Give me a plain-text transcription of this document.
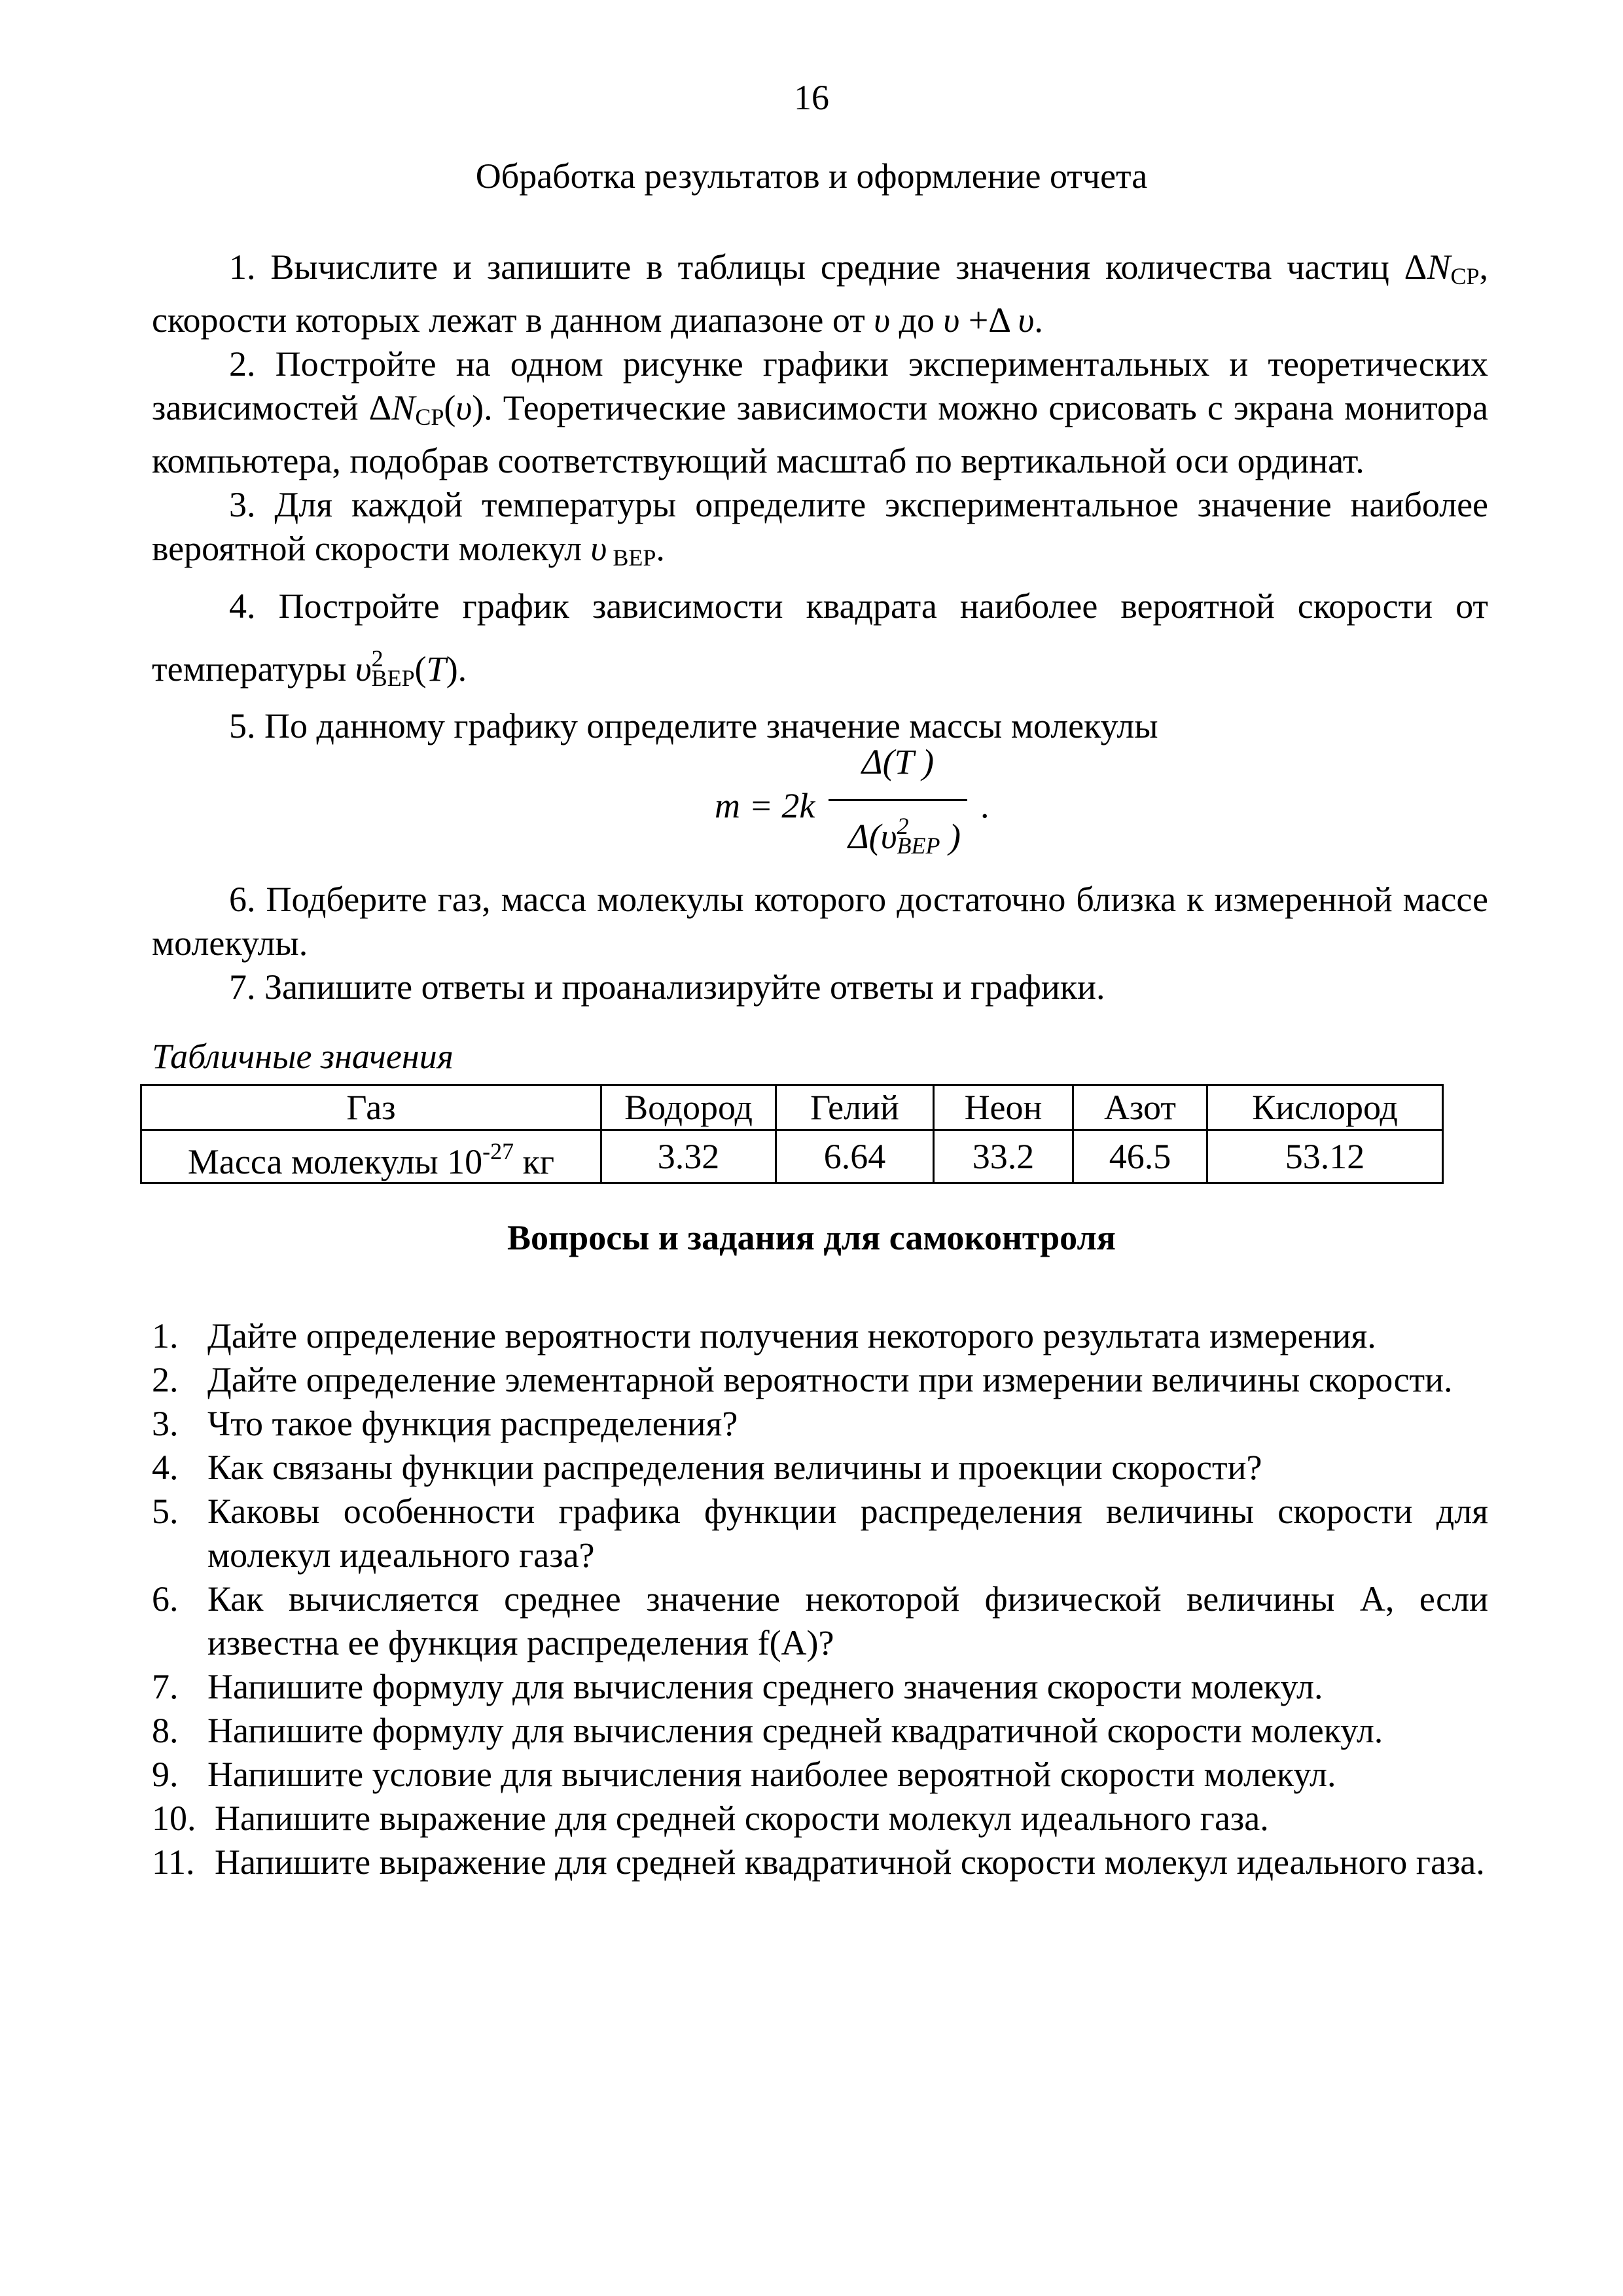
16
Обработка результатов и оформление отчета

1. Вычислите и запишите в таблицы средние значения количества частиц $\Delta N_{СР}$, скорости которых лежат в данном диапазоне от υ до υ +Δ υ.

2. Постройте на одном рисунке графики экспериментальных и теоретических зависимостей $\Delta N_{СР}(\upsilon)$. Теоретические зависимости можно срисовать с экрана монитора компьютера, подобрав соответствующий масштаб по вертикальной оси ординат.

3. Для каждой температуры определите экспериментальное значение наиболее вероятной скорости молекул υ $_{ВЕР}$.

4. Постройте график зависимости квадрата наиболее вероятной скорости от температуры $\upsilon^2_{ВЕР}(T)$.

5. По данному графику определите значение массы молекулы

m = 2k
Δ(T )
$\Delta(\upsilon^2_{ВЕР}$ )
.

6. Подберите газ, масса молекулы которого достаточно близка к измеренной массе молекулы.

7. Запишите ответы и проанализируйте ответы и графики.

Табличные значения
Газ	Водород	Гелий	Неон	Азот	Кислород
Масса молекулы $10^{-27}$ кг	3.32	6.64	33.2	46.5	53.12
Вопросы и задания для самоконтроля
1. Дайте определение вероятности получения некоторого результата измерения.
2. Дайте определение элементарной вероятности при измерении величины скорости.
3. Что такое функция распределения?
4. Как связаны функции распределения величины и проекции скорости?
5. Каковы особенности графика функции распределения величины скорости для молекул идеального газа?
6. Как вычисляется среднее значение некоторой физической величины A, если известна ее функция распределения f(A)?
7. Напишите формулу для вычисления среднего значения скорости молекул.
8. Напишите формулу для вычисления средней квадратичной скорости молекул.
9. Напишите условие для вычисления наиболее вероятной скорости молекул.
10. Напишите выражение для средней скорости молекул идеального газа.
11. Напишите выражение для средней квадратичной скорости молекул идеального газа.
